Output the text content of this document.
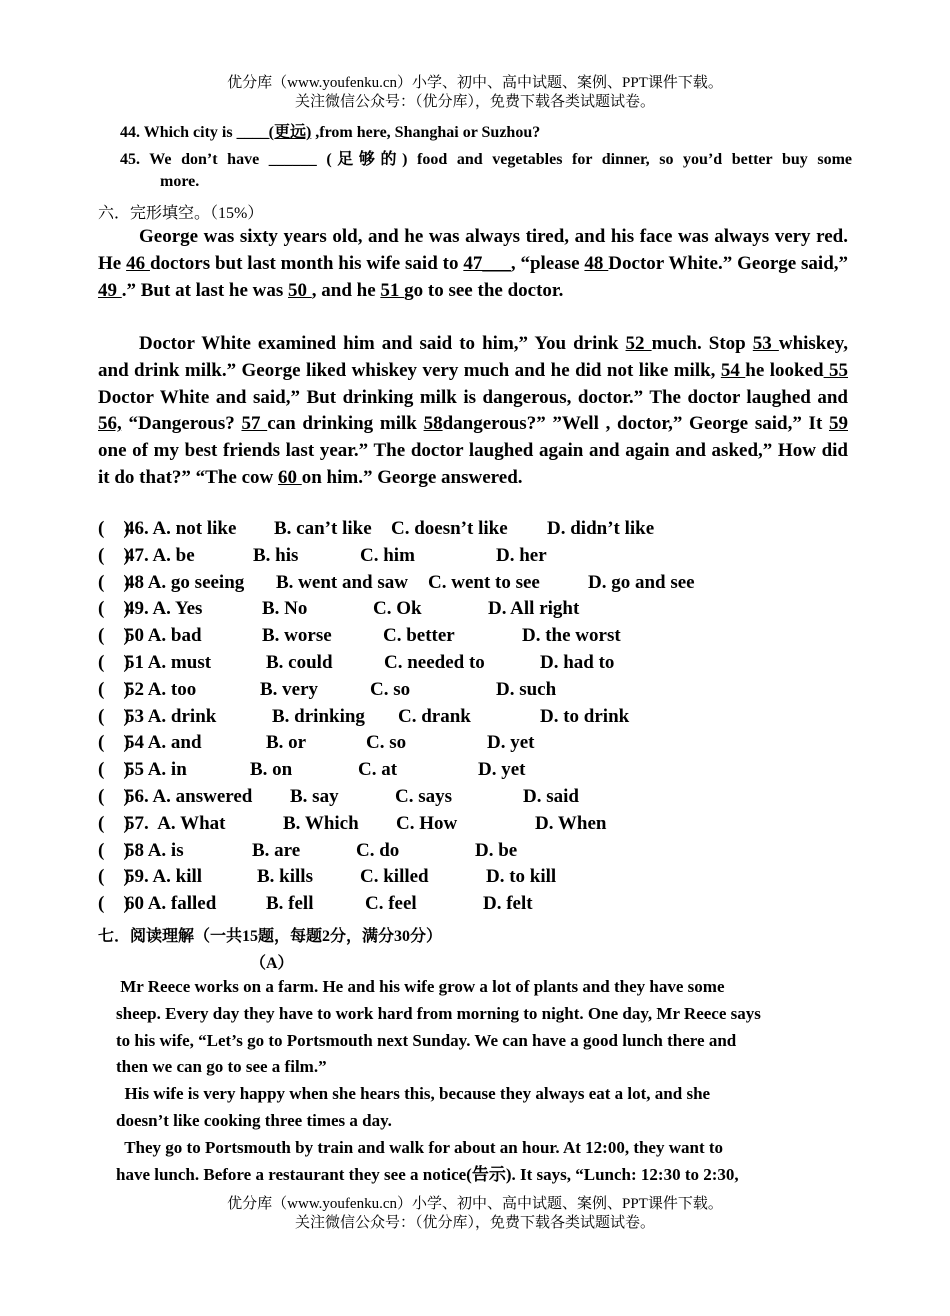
优分库（www.youfenku.cn）小学、初中、高中试题、案例、PPT课件下载。
关注微信公众号：（优分库），免费下载各类试题试卷。
44. Which city is ____(更远) ,from here, Shanghai or Suzhou?
45. We don’t have ______ (足够的) food and vegetables for dinner, so you’d better buy some
more.
六．完形填空。（15%）

George was sixty years old, and he was always tired, and his face was always very red. He 46 doctors but last month his wife said to 47___, “please 48 Doctor White.” George said,” 49 .” But at last he was 50 , and he 51 go to see the doctor.

Doctor White examined him and said to him,” You drink 52 much. Stop 53 whiskey, and drink milk.” George liked whiskey very much and he did not like milk, 54 he looked 55 Doctor White and said,” But drinking milk is dangerous, doctor.” The doctor laughed and 56, “Dangerous? 57 can drinking milk 58dangerous?” ”Well , doctor,” George said,” It 59 one of my best friends last year.” The doctor laughed again and again and asked,” How did it do that?” “The cow 60 on him.” George answered.

(    )
46. A. not like B. can’t like C. doesn’t like D. didn’t like
(    )
47. A. be	B. his	C. him	D. her
(    )
48 A. go seeing B. went and saw C. went to see	D. go and see
(    )
49. A. Yes	B. No	C. Ok	D. All right
(    )
50 A. bad	B. worse	C. better	D. the worst
(    )
51 A. must	B. could	C. needed to	D. had to
(    )
52 A. too	B. very	C. so	D. such
(    )
53 A. drink	B. drinking C. drank	D. to drink
(    )
54 A. and	B. or	C. so	D. yet
(    )
55 A. in	B. on	C. at	D. yet
(    )
56. A. answered B. say	C. says	D. said
(    )
57.  A. What	B. Which C. How	D. When
(    )
58 A. is	B. are	C. do	D. be
(    )
59. A. kill	B. kills C. killed	D. to kill
(    )
60 A. falled	B. fell	C. feel	D. felt
七．阅读理解（一共15题，每题2分，满分30分）
（A）
Mr Reece works on a farm. He and his wife grow a lot of plants and they have some
sheep. Every day they have to work hard from morning to night. One day, Mr Reece says
to his wife, “Let’s go to Portsmouth next Sunday. We can have a good lunch there and
then we can go to see a film.”
His wife is very happy when she hears this, because they always eat a lot, and she
doesn’t like cooking three times a day.
They go to Portsmouth by train and walk for about an hour. At 12:00, they want to
have lunch. Before a restaurant they see a notice(告示). It says, “Lunch: 12:30 to 2:30,
优分库（www.youfenku.cn）小学、初中、高中试题、案例、PPT课件下载。
关注微信公众号：（优分库），免费下载各类试题试卷。
